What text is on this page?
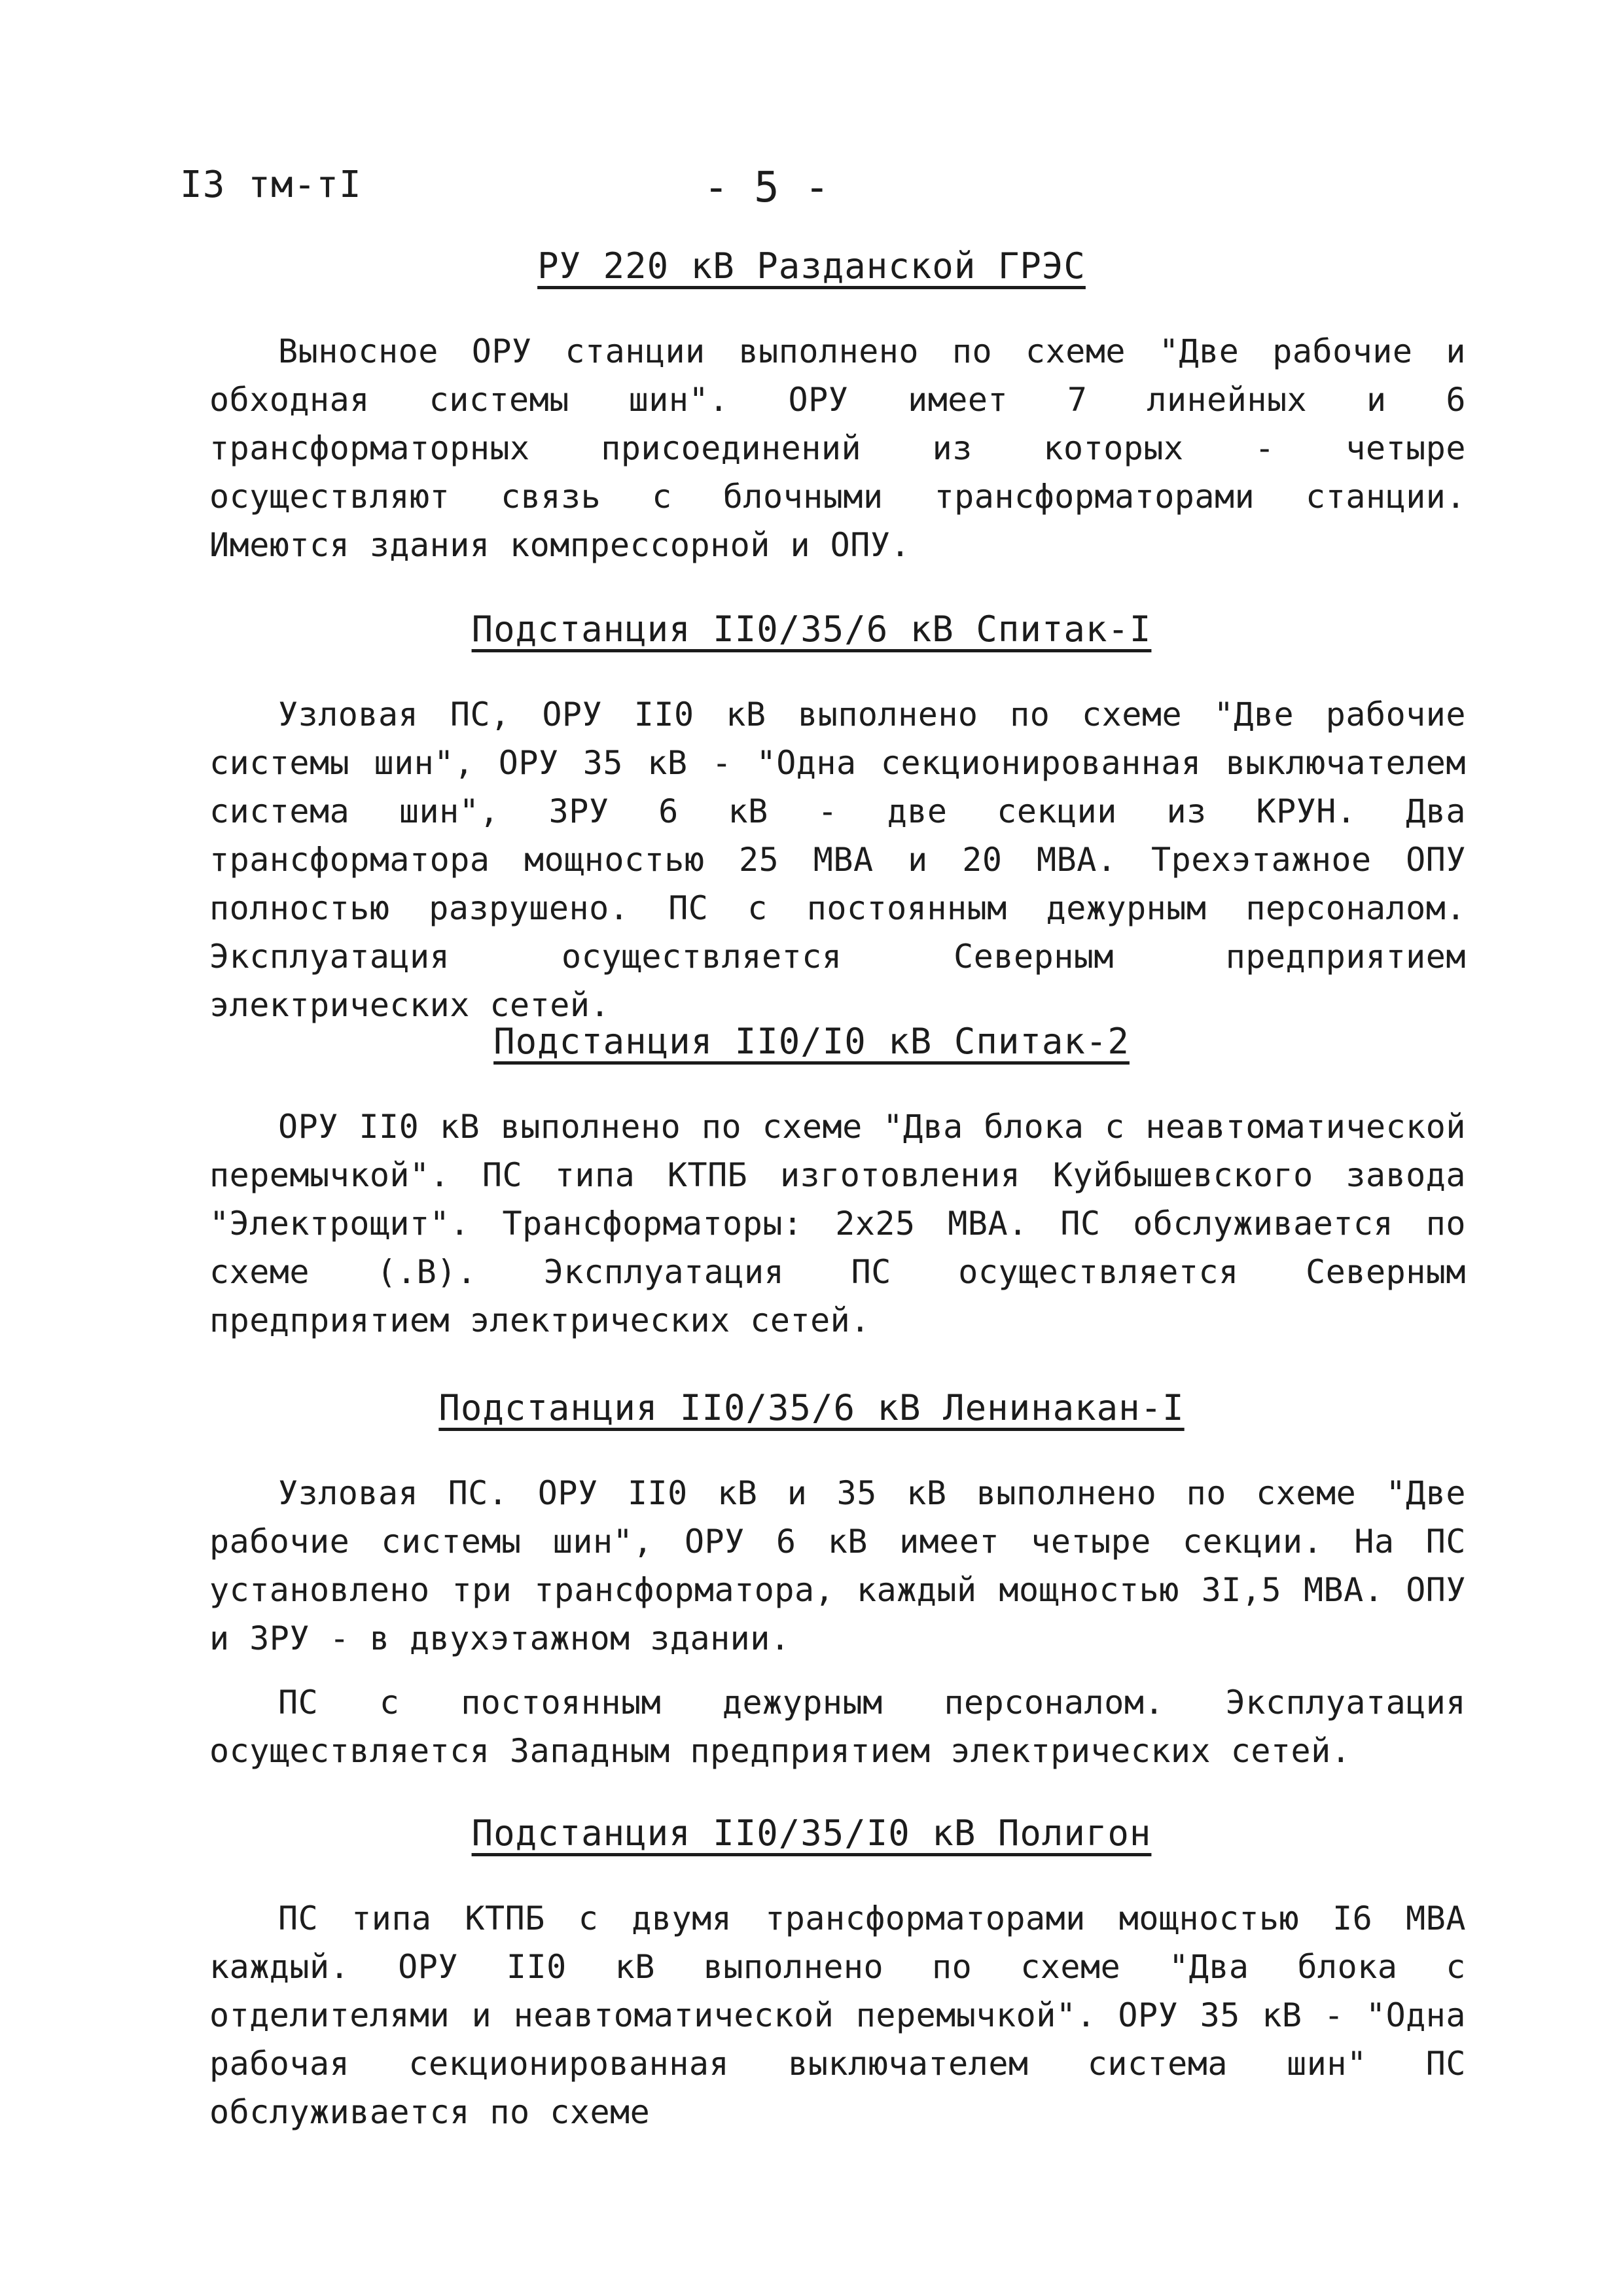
I3 тм-тI	- 5 -
РУ 220 кВ Разданской ГРЭС
Выносное ОРУ станции выполнено по схеме "Две рабочие и обходная системы шин". ОРУ имеет 7 линейных и 6 трансформаторных присоединений из которых - четыре осуществляют связь с блочными трансформаторами станции. Имеются здания компрессорной и ОПУ.
Подстанция II0/35/6 кВ Спитак-I
Узловая ПС, ОРУ II0 кВ выполнено по схеме "Две рабочие системы шин", ОРУ 35 кВ - "Одна секционированная выключателем система шин", ЗРУ 6 кВ - две секции из КРУН. Два трансформатора мощностью 25 МВА и 20 МВА. Трехэтажное ОПУ полностью разрушено. ПС с постоянным дежурным персоналом. Эксплуатация осуществляется Северным предприятием электрических сетей.
Подстанция II0/I0 кВ Спитак-2
ОРУ II0 кВ выполнено по схеме "Два блока с неавтоматической перемычкой". ПС типа КТПБ изготовления Куйбышевского завода "Электрощит". Трансформаторы: 2х25 МВА. ПС обслуживается по схеме (.В). Эксплуатация ПС осуществляется Северным предприятием электрических сетей.
Подстанция II0/35/6 кВ Ленинакан-I
Узловая ПС. ОРУ II0 кВ и 35 кВ выполнено по схеме "Две рабочие системы шин", ОРУ 6 кВ имеет четыре секции. На ПС установлено три трансформатора, каждый мощностью 3I,5 МВА. ОПУ и ЗРУ - в двухэтажном здании.
ПС с постоянным дежурным персоналом. Эксплуатация осуществляется Западным предприятием электрических сетей.
Подстанция II0/35/I0 кВ Полигон
ПС типа КТПБ с двумя трансформаторами мощностью I6 МВА каждый. ОРУ II0 кВ выполнено по схеме "Два блока с отделителями и неавтоматической перемычкой". ОРУ 35 кВ - "Одна рабочая секционированная выключателем система шин" ПС обслуживается по схеме
